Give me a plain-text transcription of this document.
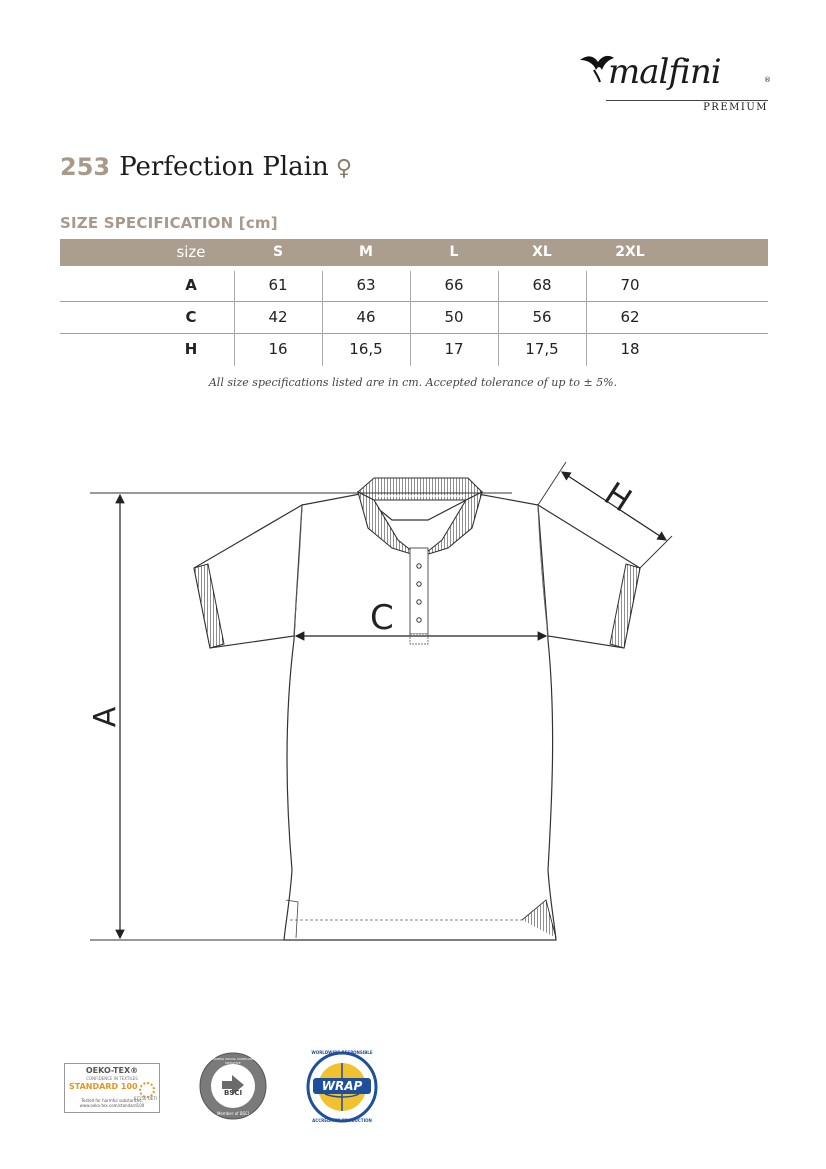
malfini	®
PREMIUM
253 Perfection Plain ♀
SIZE SPECIFICATION [cm]
size	S	M	L	XL	2XL
A	61	63	66	68	70
C	42	46	50	56	62
H	16	16,5	17	17,5	18
All size specifications listed are in cm. Accepted tolerance of up to ± 5%.
A
C
H
OEKO-TEX®
CONFIDENCE IN TEXTILES
STANDARD 100
67150 OETI
Tested for harmful substances.
www.oeko-tex.com/standard100
BSCI
BUSINESS SOCIAL COMPLIANCE INITIATIVE
Member of BSCI
WRAP
WORLDWIDE RESPONSIBLE
ACCREDITED PRODUCTION
